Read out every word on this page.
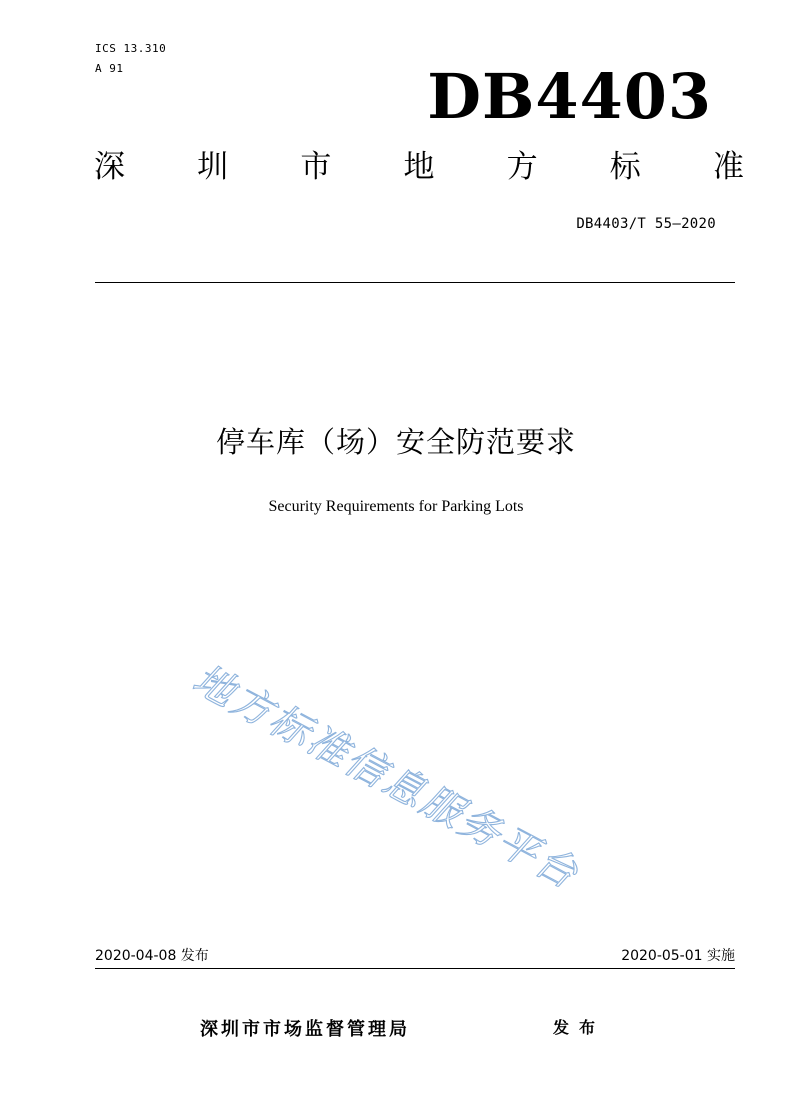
ICS 13.310
A 91	DB4403
深 圳 市 地 方 标 准
DB4403/T 55—2020
停车库（场）安全防范要求
Security Requirements for Parking Lots
地
方
标
准
信
息
服
务
平
台
2020-04-08 发布	2020-05-01 实施
深圳市市场监督管理局	发布
